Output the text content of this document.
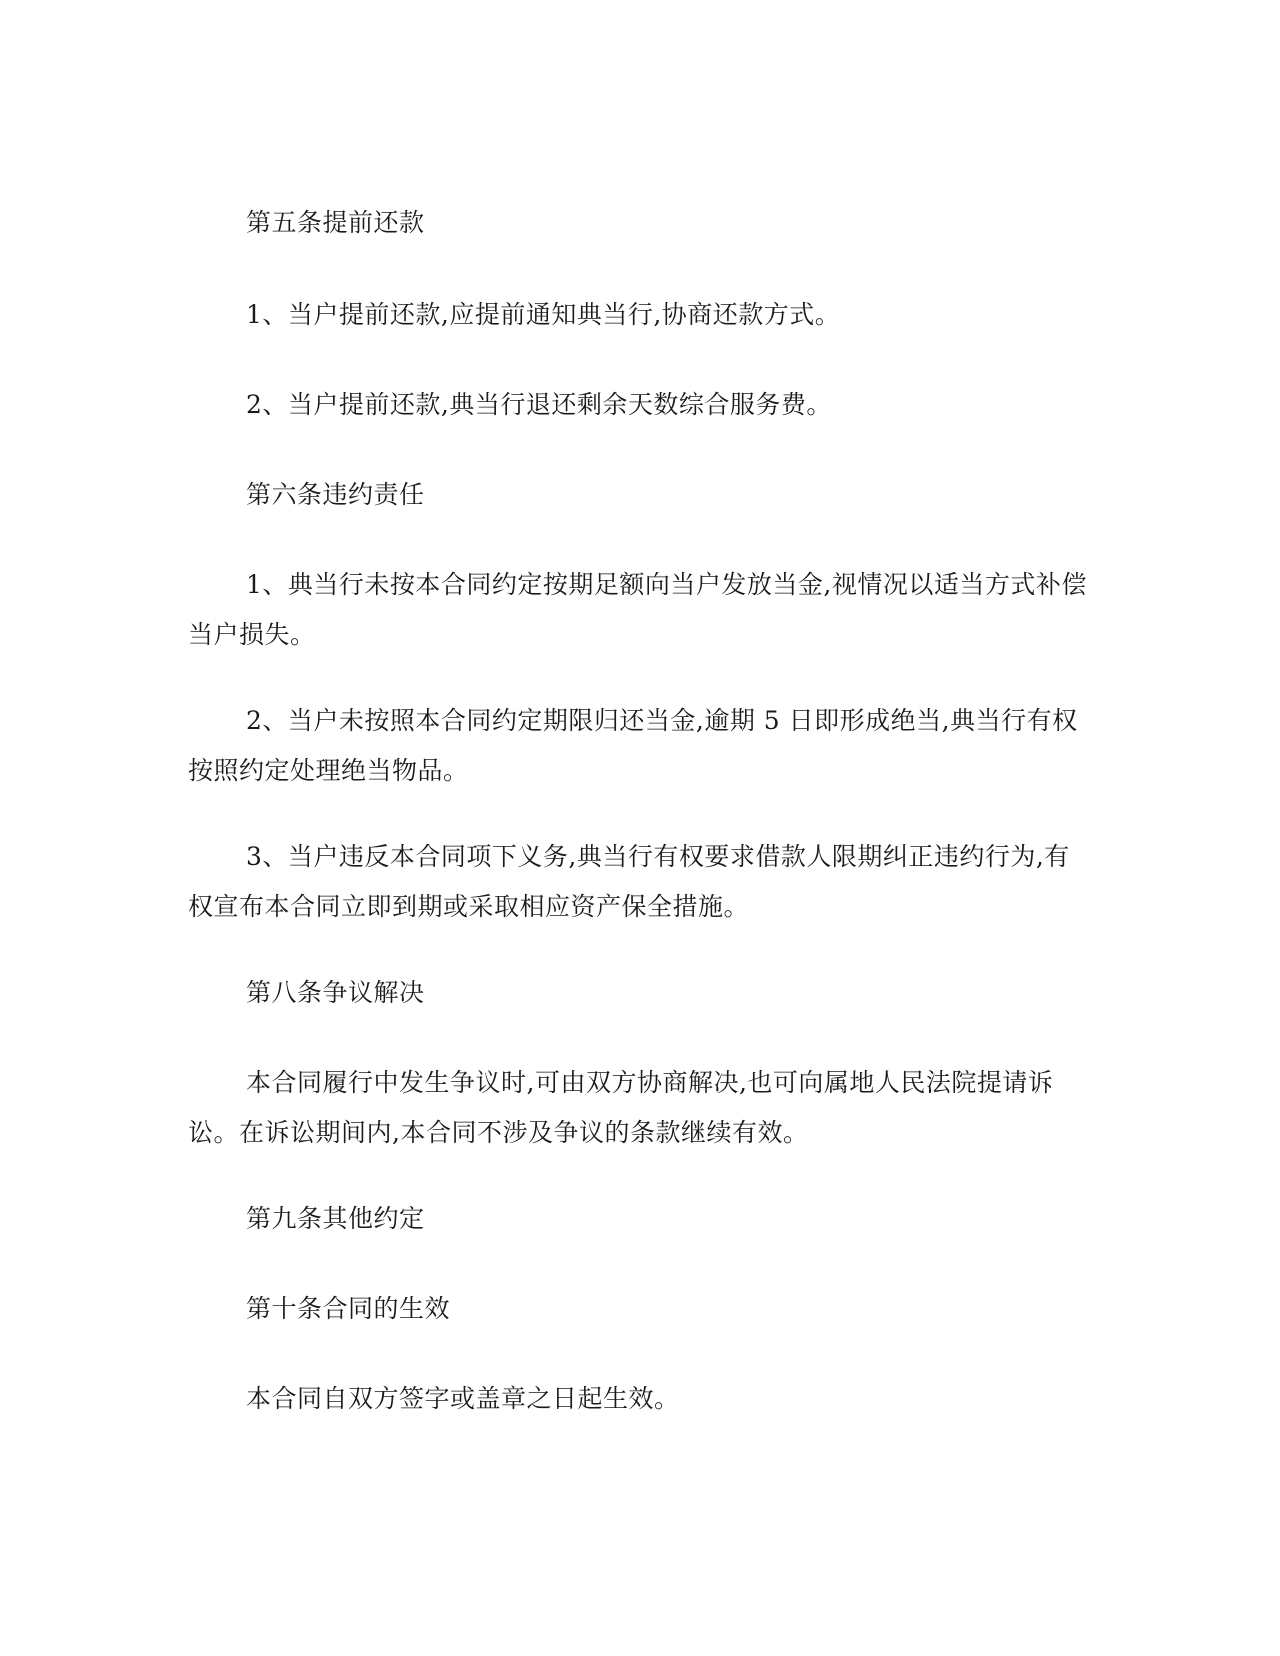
第五条提前还款

1、当户提前还款,应提前通知典当行,协商还款方式。

2、当户提前还款,典当行退还剩余天数综合服务费。

第六条违约责任

1、典当行未按本合同约定按期足额向当户发放当金,视情况以适当方式补偿当户损失。

2、当户未按照本合同约定期限归还当金,逾期 5 日即形成绝当,典当行有权按照约定处理绝当物品。

3、当户违反本合同项下义务,典当行有权要求借款人限期纠正违约行为,有权宣布本合同立即到期或采取相应资产保全措施。

第八条争议解决

本合同履行中发生争议时,可由双方协商解决,也可向属地人民法院提请诉讼。在诉讼期间内,本合同不涉及争议的条款继续有效。

第九条其他约定

第十条合同的生效

本合同自双方签字或盖章之日起生效。
